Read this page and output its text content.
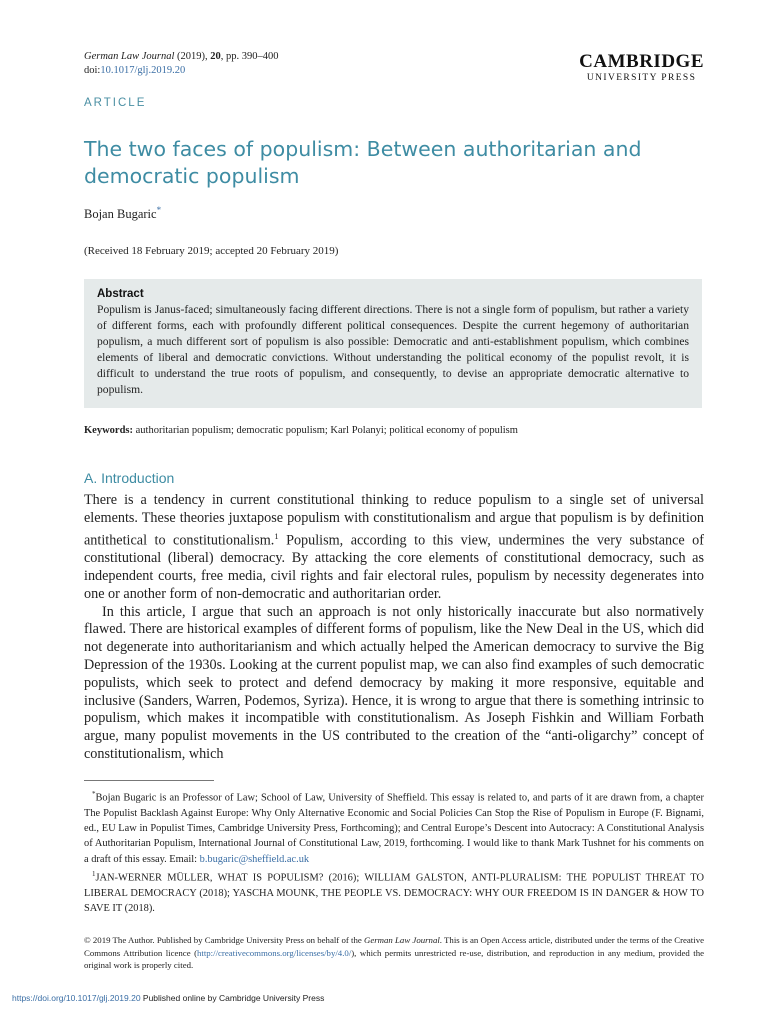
German Law Journal (2019), 20, pp. 390–400
doi:10.1017/glj.2019.20	CAMBRIDGE
UNIVERSITY PRESS
ARTICLE
The two faces of populism: Between authoritarian and democratic populism
Bojan Bugaric*
(Received 18 February 2019; accepted 20 February 2019)
Abstract
Populism is Janus-faced; simultaneously facing different directions. There is not a single form of populism, but rather a variety of different forms, each with profoundly different political consequences. Despite the current hegemony of authoritarian populism, a much different sort of populism is also possible: Democratic and anti-establishment populism, which combines elements of liberal and democratic convictions. Without understanding the political economy of the populist revolt, it is difficult to understand the true roots of populism, and consequently, to devise an appropriate democratic alternative to populism.
Keywords: authoritarian populism; democratic populism; Karl Polanyi; political economy of populism
A. Introduction

There is a tendency in current constitutional thinking to reduce populism to a single set of universal elements. These theories juxtapose populism with constitutionalism and argue that populism is by definition antithetical to constitutionalism.$^1$ Populism, according to this view, undermines the very substance of constitutional (liberal) democracy. By attacking the core elements of constitutional democracy, such as independent courts, free media, civil rights and fair electoral rules, populism by necessity degenerates into one or another form of non-democratic and authoritarian order.

In this article, I argue that such an approach is not only historically inaccurate but also normatively flawed. There are historical examples of different forms of populism, like the New Deal in the US, which did not degenerate into authoritarianism and which actually helped the American democracy to survive the Big Depression of the 1930s. Looking at the current populist map, we can also find examples of such democratic populists, which seek to protect and defend democracy by making it more responsive, equitable and inclusive (Sanders, Warren, Podemos, Syriza). Hence, it is wrong to argue that there is something intrinsic to populism, which makes it incompatible with constitutionalism. As Joseph Fishkin and William Forbath argue, many populist movements in the US contributed to the creation of the “anti-oligarchy” concept of constitutionalism, which

*Bojan Bugaric is an Professor of Law; School of Law, University of Sheffield. This essay is related to, and parts of it are drawn from, a chapter The Populist Backlash Against Europe: Why Only Alternative Economic and Social Policies Can Stop the Rise of Populism in Europe (F. Bignami, ed., EU Law in Populist Times, Cambridge University Press, Forthcoming); and Central Europe’s Descent into Autocracy: A Constitutional Analysis of Authoritarian Populism, International Journal of Constitutional Law, 2019, forthcoming. I would like to thank Mark Tushnet for his comments on a draft of this essay. Email: b.bugaric@sheffield.ac.uk
$^1$JAN-WERNER MÜLLER, WHAT IS POPULISM? (2016); WILLIAM GALSTON, ANTI-PLURALISM: THE POPULIST THREAT TO LIBERAL DEMOCRACY (2018); YASCHA MOUNK, THE PEOPLE VS. DEMOCRACY: WHY OUR FREEDOM IS IN DANGER & HOW TO SAVE IT (2018).
© 2019 The Author. Published by Cambridge University Press on behalf of the German Law Journal. This is an Open Access article, distributed under the terms of the Creative Commons Attribution licence (http://creativecommons.org/licenses/by/4.0/), which permits unrestricted re-use, distribution, and reproduction in any medium, provided the original work is properly cited.
https://doi.org/10.1017/glj.2019.20 Published online by Cambridge University Press
